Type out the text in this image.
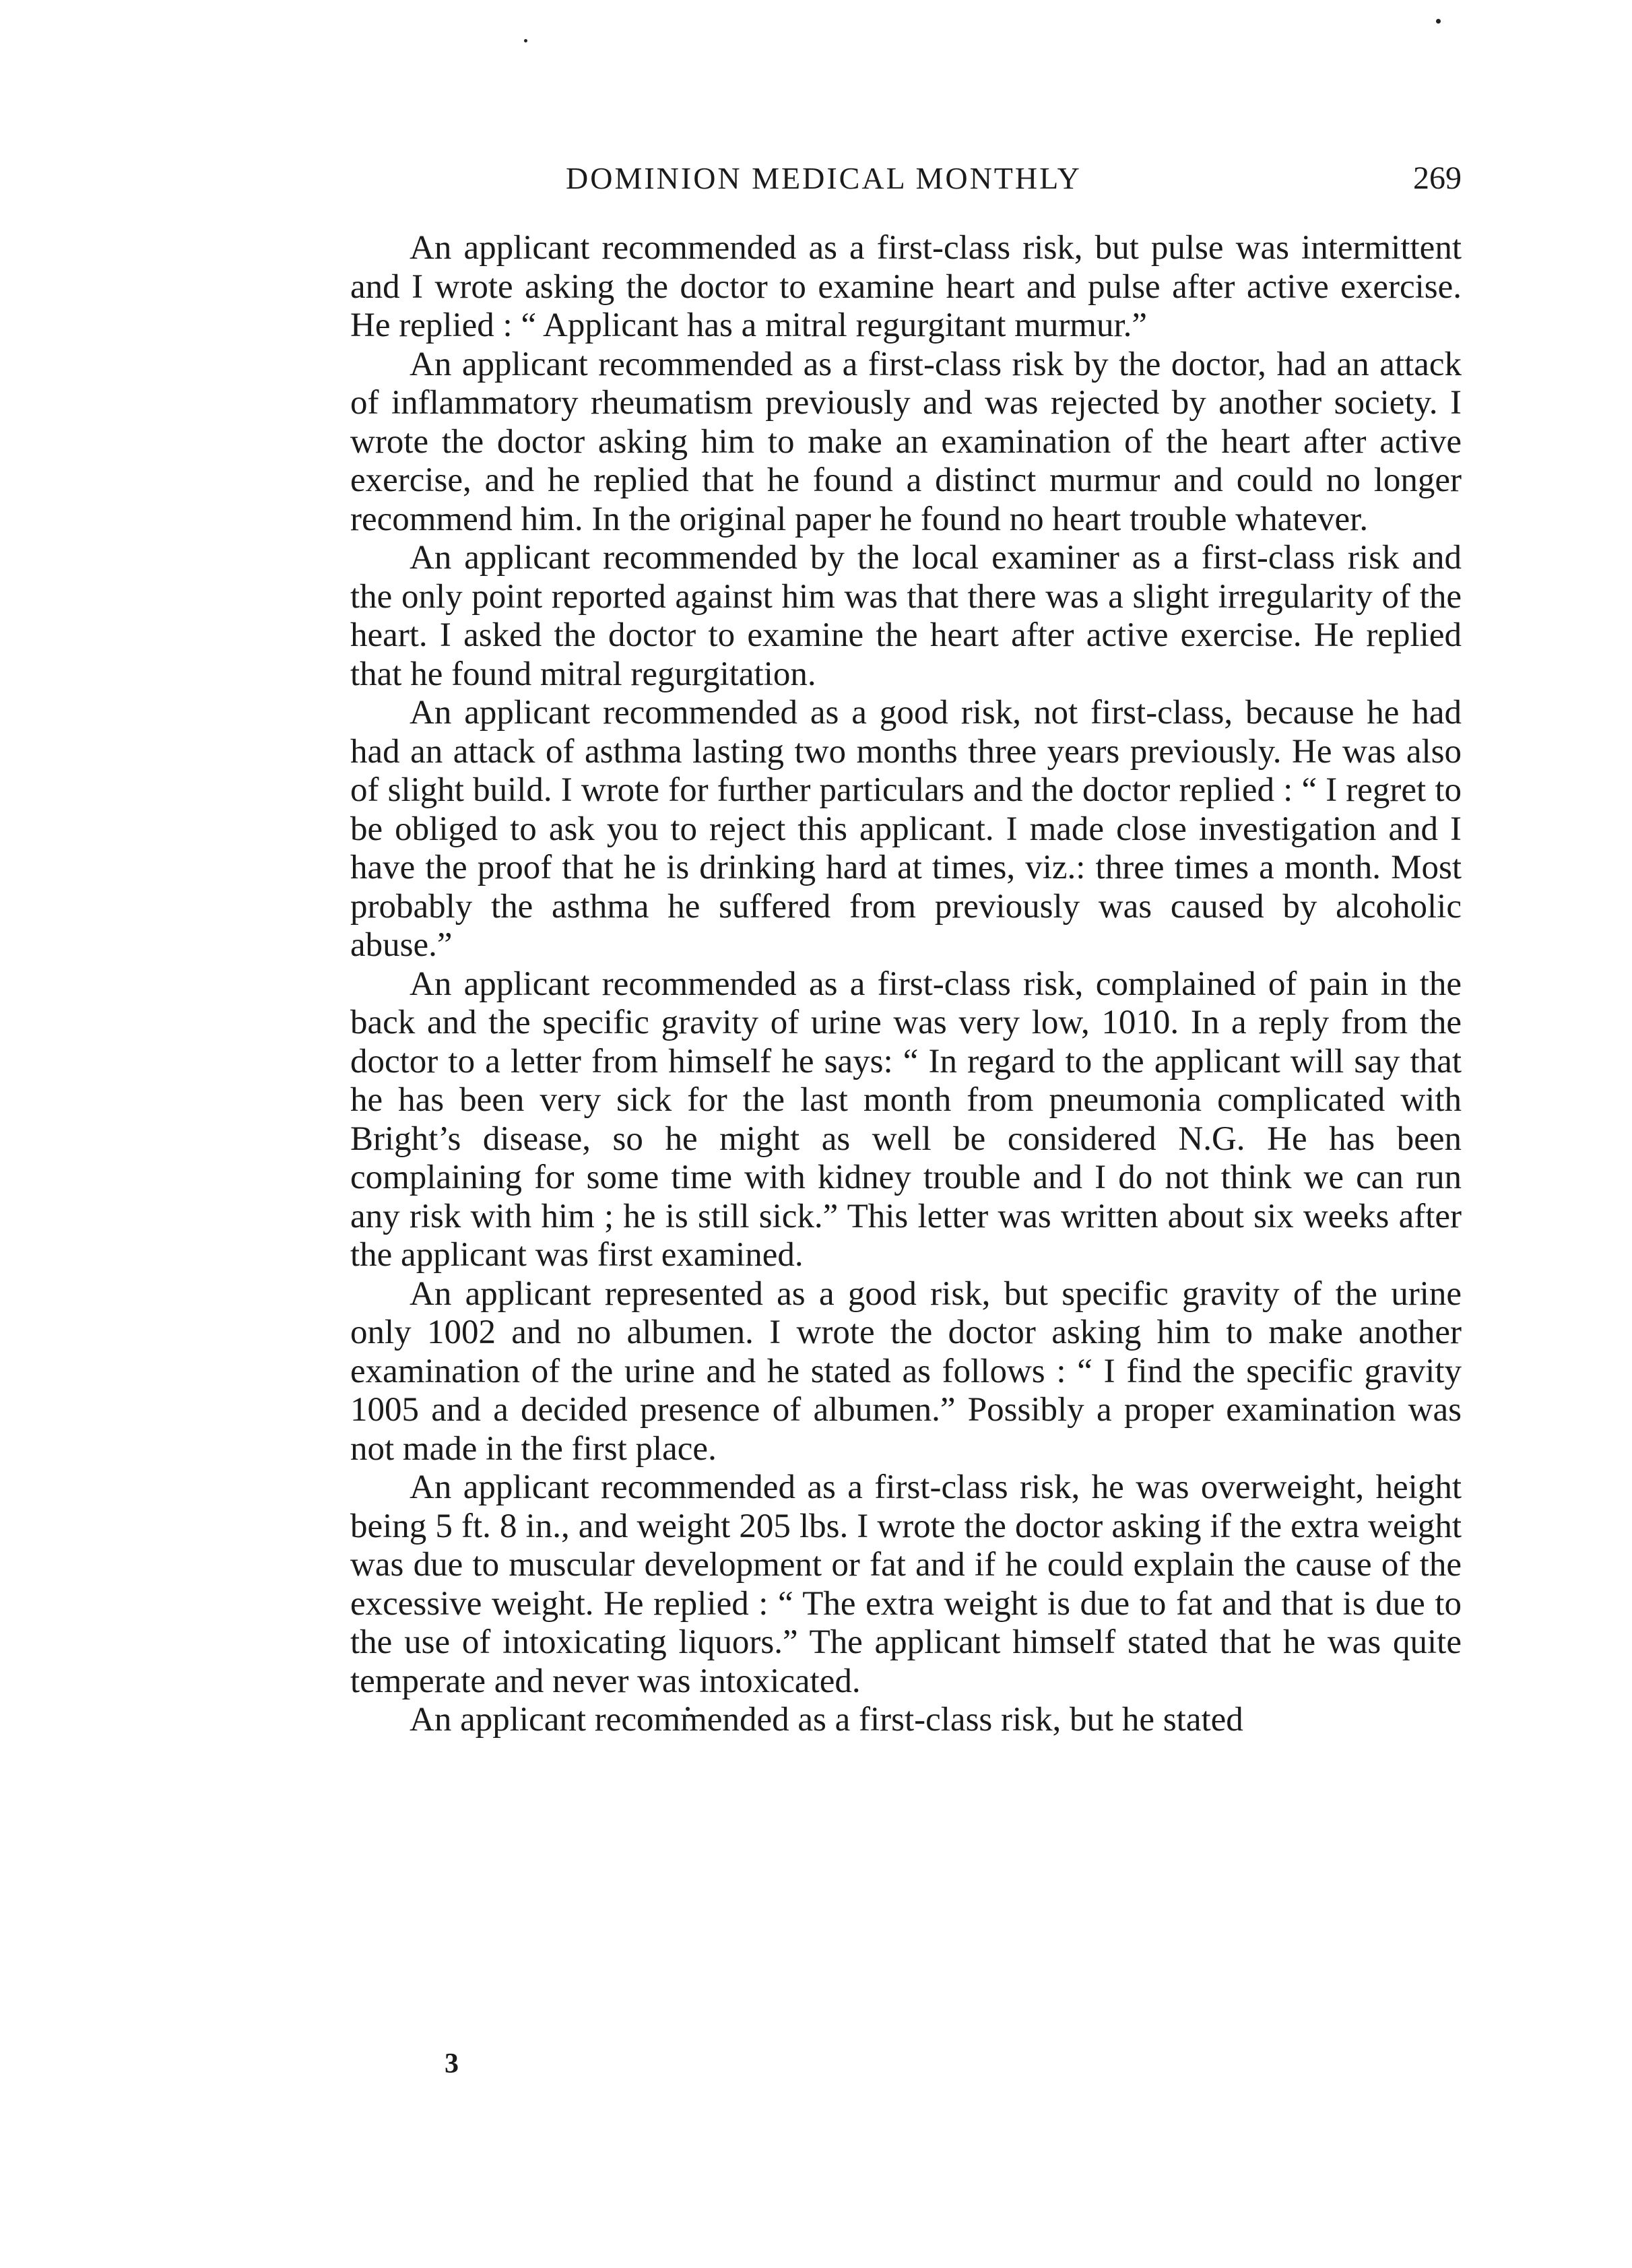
DOMINION MEDICAL MONTHLY	269

An applicant recommended as a first-class risk, but pulse was intermittent and I wrote asking the doctor to examine heart and pulse after active exercise. He replied : “ Applicant has a mitral regurgitant murmur.”

An applicant recommended as a first-class risk by the doctor, had an attack of inflammatory rheumatism previously and was rejected by another society. I wrote the doctor asking him to make an examination of the heart after active exercise, and he replied that he found a distinct murmur and could no longer recommend him. In the original paper he found no heart trouble whatever.

An applicant recommended by the local examiner as a first-class risk and the only point reported against him was that there was a slight irregularity of the heart. I asked the doctor to examine the heart after active exercise. He replied that he found mitral regurgitation.

An applicant recommended as a good risk, not first-class, because he had had an attack of asthma lasting two months three years previously. He was also of slight build. I wrote for further particulars and the doctor replied : “ I regret to be obliged to ask you to reject this applicant. I made close investigation and I have the proof that he is drinking hard at times, viz.: three times a month. Most probably the asthma he suffered from previously was caused by alcoholic abuse.”

An applicant recommended as a first-class risk, complained of pain in the back and the specific gravity of urine was very low, 1010. In a reply from the doctor to a letter from himself he says: “ In regard to the applicant will say that he has been very sick for the last month from pneumonia complicated with Bright’s disease, so he might as well be considered N.G. He has been complaining for some time with kidney trouble and I do not think we can run any risk with him ; he is still sick.” This letter was written about six weeks after the applicant was first examined.

An applicant represented as a good risk, but specific gravity of the urine only 1002 and no albumen. I wrote the doctor asking him to make another examination of the urine and he stated as follows : “ I find the specific gravity 1005 and a decided presence of albumen.” Possibly a proper examination was not made in the first place.

An applicant recommended as a first-class risk, he was overweight, height being 5 ft. 8 in., and weight 205 lbs. I wrote the doctor asking if the extra weight was due to muscular development or fat and if he could explain the cause of the excessive weight. He replied : “ The extra weight is due to fat and that is due to the use of intoxicating liquors.” The applicant himself stated that he was quite temperate and never was intoxicated.

An applicant recommended as a first-class risk, but he stated

3
